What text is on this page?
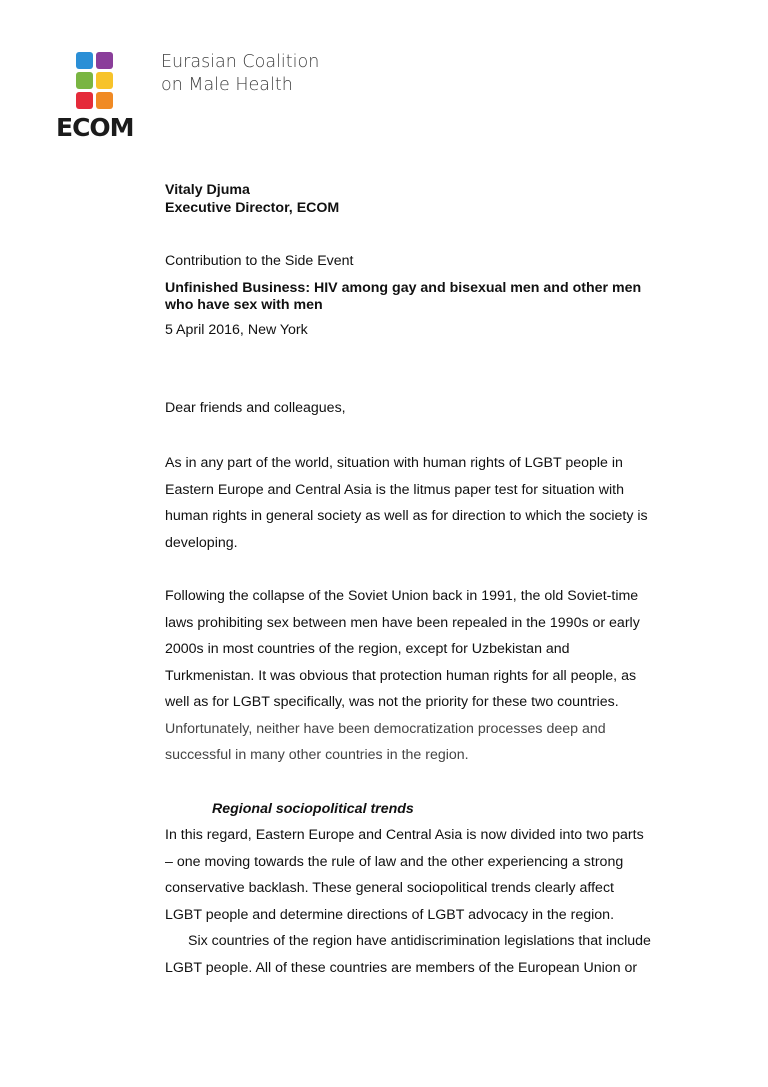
ECOM
Eurasian Coalition
on Male Health
Vitaly Djuma
Executive Director, ECOM
Contribution to the Side Event
Unfinished Business: HIV among gay and bisexual men and other men
who have sex with men
5 April 2016, New York
Dear friends and colleagues,
As in any part of the world, situation with human rights of LGBT people in
Eastern Europe and Central Asia is the litmus paper test for situation with
human rights in general society as well as for direction to which the society is
developing.
Following the collapse of the Soviet Union back in 1991, the old Soviet-time
laws prohibiting sex between men have been repealed in the 1990s or early
2000s in most countries of the region, except for Uzbekistan and
Turkmenistan. It was obvious that protection human rights for all people, as
well as for LGBT specifically, was not the priority for these two countries.
Unfortunately, neither have been democratization processes deep and
successful in many other countries in the region.
Regional sociopolitical trends
In this regard, Eastern Europe and Central Asia is now divided into two parts
– one moving towards the rule of law and the other experiencing a strong
conservative backlash. These general sociopolitical trends clearly affect
LGBT people and determine directions of LGBT advocacy in the region.
Six countries of the region have antidiscrimination legislations that include
LGBT people. All of these countries are members of the European Union or
